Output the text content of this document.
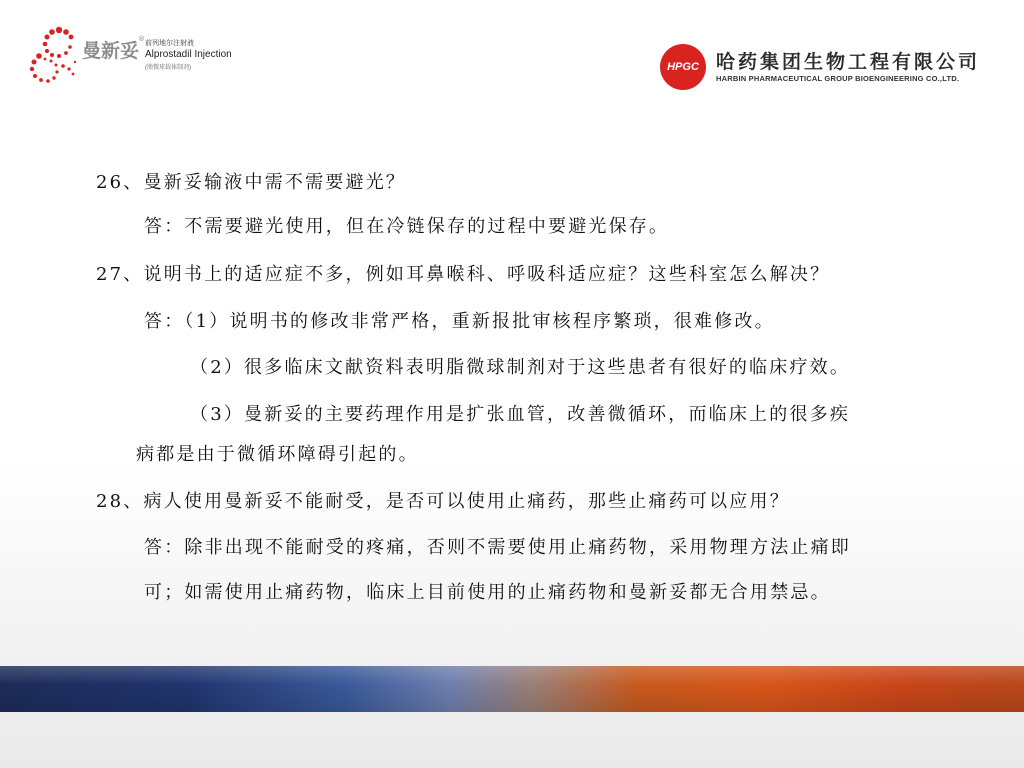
曼新妥
®
前列地尔注射液
Alprostadil Injection
(脂微球载体制剂)	HPGC 哈药集团生物工程有限公司
HARBIN PHARMACEUTICAL GROUP BIOENGINEERING CO.,LTD.
26、曼新妥输液中需不需要避光？
答：不需要避光使用，但在冷链保存的过程中要避光保存。
27、说明书上的适应症不多，例如耳鼻喉科、呼吸科适应症？这些科室怎么解决？
答：（1）说明书的修改非常严格，重新报批审核程序繁琐，很难修改。
（2）很多临床文献资料表明脂微球制剂对于这些患者有很好的临床疗效。
（3）曼新妥的主要药理作用是扩张血管，改善微循环，而临床上的很多疾
病都是由于微循环障碍引起的。
28、病人使用曼新妥不能耐受，是否可以使用止痛药，那些止痛药可以应用？
答：除非出现不能耐受的疼痛，否则不需要使用止痛药物，采用物理方法止痛即
可；如需使用止痛药物，临床上目前使用的止痛药物和曼新妥都无合用禁忌。
